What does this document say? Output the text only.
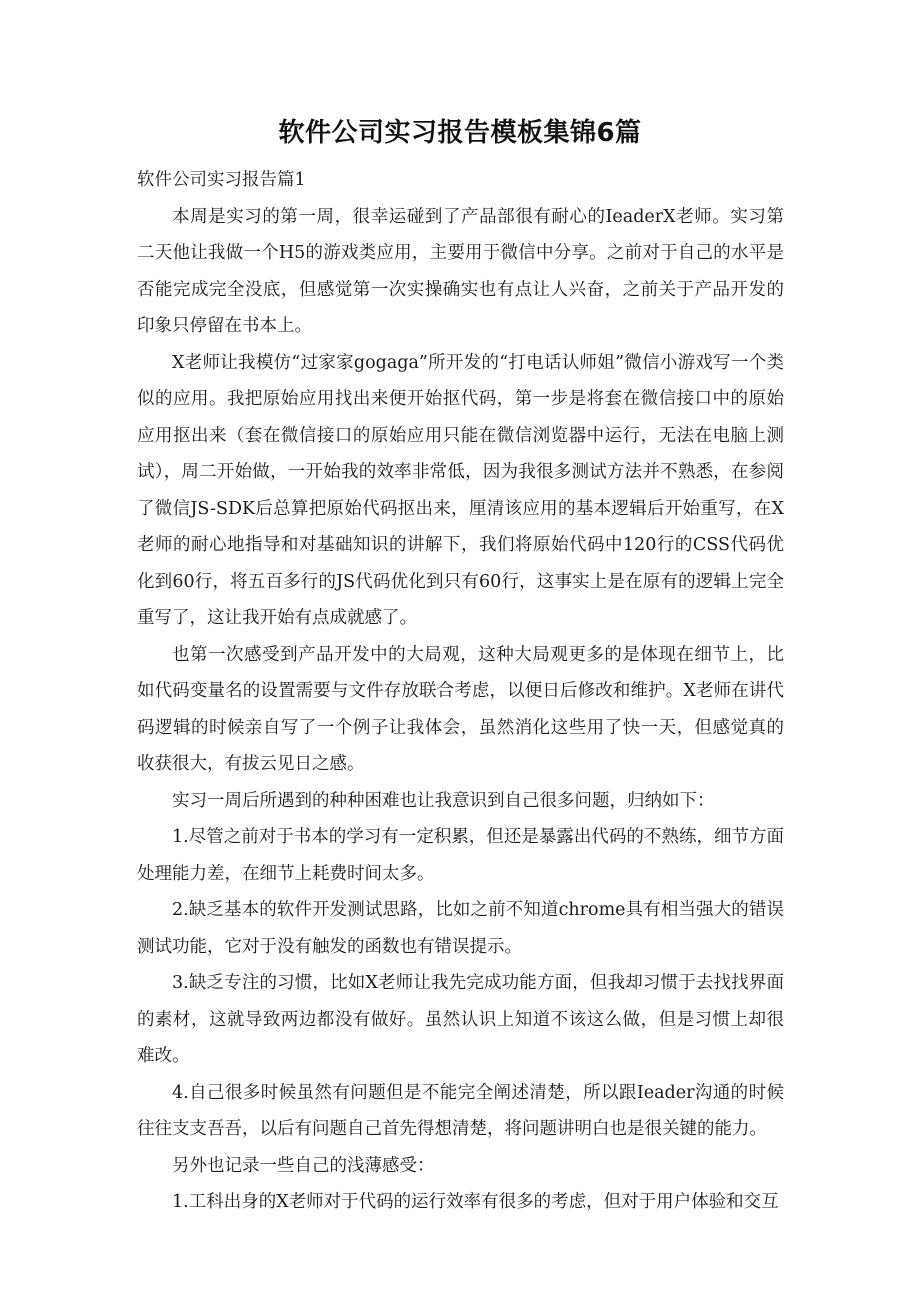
软件公司实习报告模板集锦6篇

软件公司实习报告篇1

本周是实习的第一周，很幸运碰到了产品部很有耐心的IeaderX老师。实习第二天他让我做一个H5的游戏类应用，主要用于微信中分享。之前对于自己的水平是否能完成完全没底，但感觉第一次实操确实也有点让人兴奋，之前关于产品开发的印象只停留在书本上。

X老师让我模仿“过家家gogaga”所开发的“打电话认师姐”微信小游戏写一个类似的应用。我把原始应用找出来便开始抠代码，第一步是将套在微信接口中的原始应用抠出来（套在微信接口的原始应用只能在微信浏览器中运行，无法在电脑上测试），周二开始做，一开始我的效率非常低，因为我很多测试方法并不熟悉，在参阅了微信JS-SDK后总算把原始代码抠出来，厘清该应用的基本逻辑后开始重写，在X老师的耐心地指导和对基础知识的讲解下，我们将原始代码中120行的CSS代码优化到60行，将五百多行的JS代码优化到只有60行，这事实上是在原有的逻辑上完全重写了，这让我开始有点成就感了。

也第一次感受到产品开发中的大局观，这种大局观更多的是体现在细节上，比如代码变量名的设置需要与文件存放联合考虑，以便日后修改和维护。X老师在讲代码逻辑的时候亲自写了一个例子让我体会，虽然消化这些用了快一天，但感觉真的收获很大，有拔云见日之感。

实习一周后所遇到的种种困难也让我意识到自己很多问题，归纳如下：

1.尽管之前对于书本的学习有一定积累，但还是暴露出代码的不熟练，细节方面处理能力差，在细节上耗费时间太多。

2.缺乏基本的软件开发测试思路，比如之前不知道chrome具有相当强大的错误测试功能，它对于没有触发的函数也有错误提示。

3.缺乏专注的习惯，比如X老师让我先完成功能方面，但我却习惯于去找找界面的素材，这就导致两边都没有做好。虽然认识上知道不该这么做，但是习惯上却很难改。

4.自己很多时候虽然有问题但是不能完全阐述清楚，所以跟Ieader沟通的时候往往支支吾吾，以后有问题自己首先得想清楚，将问题讲明白也是很关键的能力。

另外也记录一些自己的浅薄感受：

1.工科出身的X老师对于代码的运行效率有很多的考虑，但对于用户体验和交互
